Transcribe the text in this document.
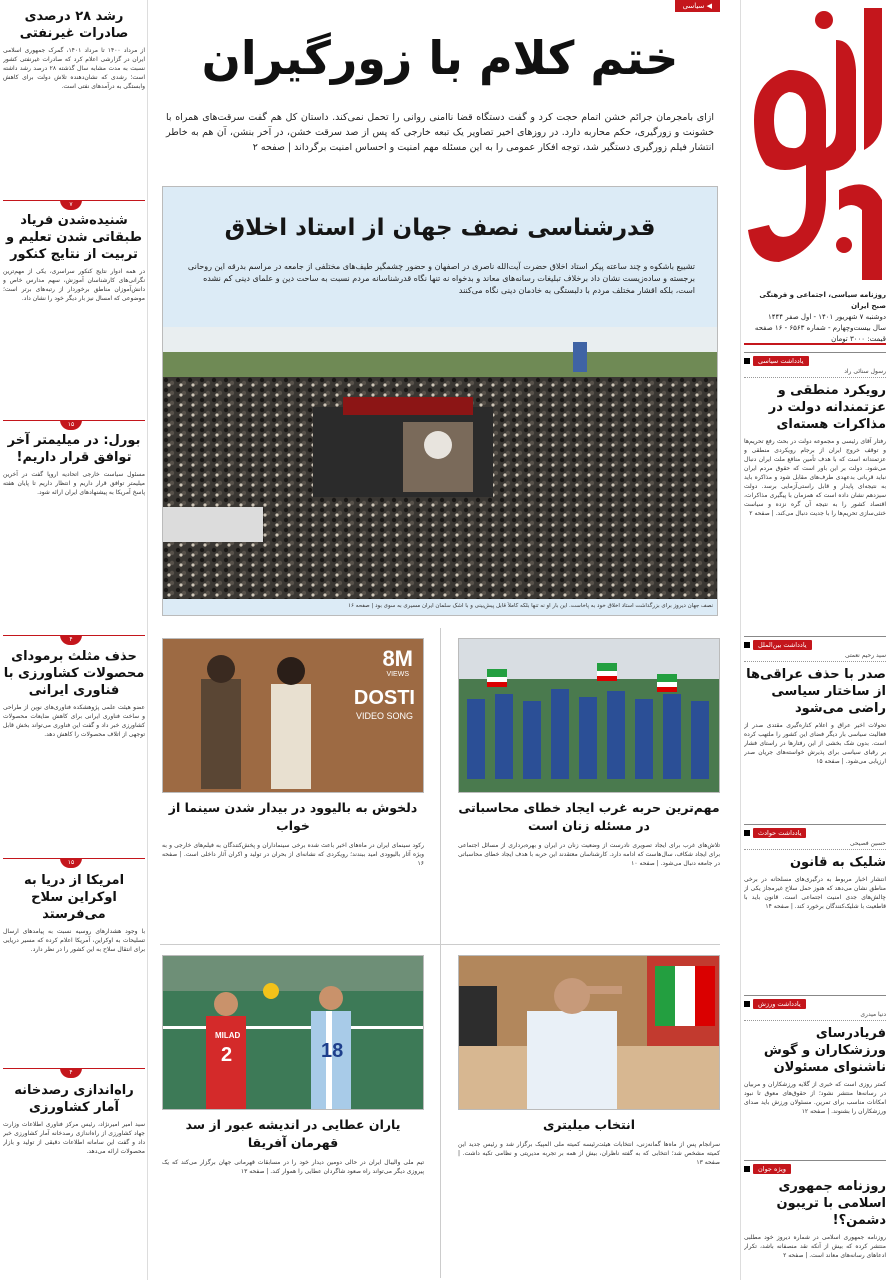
روزنامه سیاسی، اجتماعی و فرهنگی صبح ایران
دوشنبه ۷ شهریور ۱۴۰۱ - اول صفر ۱۴۴۴
سال بیست‌وچهارم - شماره ۶۵۶۳ - ۱۶ صفحه
قیمت: ۳۰۰۰ تومان
یادداشت سیاسی
رسول سنائی راد
رویکرد منطقی و عزتمندانه دولت در مذاکرات هسته‌ای
رفتار آقای رئیسی و مجموعه دولت در بحث رفع تحریم‌ها و توقف خروج ایران از برجام رویکردی منطقی و عزتمندانه است که با هدف تأمین منافع ملت ایران دنبال می‌شود. دولت بر این باور است که حقوق مردم ایران نباید قربانی بدعهدی طرف‌های مقابل شود و مذاکره باید به نتیجه‌ای پایدار و قابل راستی‌آزمایی برسد. دولت سیزدهم نشان داده است که همزمان با پیگیری مذاکرات، اقتصاد کشور را به نتیجه آن گره نزده و سیاست خنثی‌سازی تحریم‌ها را با جدیت دنبال می‌کند. | صفحه ۲
یادداشت بین‌الملل
سید رحیم نعمتی
صدر با حذف عراقی‌ها از ساختار سیاسی راضی می‌شود
تحولات اخیر عراق و اعلام کناره‌گیری مقتدی صدر از فعالیت سیاسی بار دیگر فضای این کشور را ملتهب کرده است. بدون شک بخشی از این رفتارها در راستای فشار بر رقبای سیاسی برای پذیرش خواسته‌های جریان صدر ارزیابی می‌شود. | صفحه ۱۵
یادداشت حوادث
حسین فصیحی
شلیک به قانون
انتشار اخبار مربوط به درگیری‌های مسلحانه در برخی مناطق نشان می‌دهد که هنوز حمل سلاح غیرمجاز یکی از چالش‌های جدی امنیت اجتماعی است. قانون باید با قاطعیت با شلیک‌کنندگان برخورد کند. | صفحه ۱۴
یادداشت ورزش
دنیا میدری
فریادرسای ورزشکاران و گوش ناشنوای مسئولان
کمتر روزی است که خبری از گلایه ورزشکاران و مربیان در رسانه‌ها منتشر نشود؛ از حقوق‌های معوق تا نبود امکانات مناسب برای تمرین. مسئولان ورزش باید صدای ورزشکاران را بشنوند. | صفحه ۱۲
ویژه جوان
روزنامه جمهوری اسلامی با تریبون دشمن؟!
روزنامه جمهوری اسلامی در شماره دیروز خود مطلبی منتشر کرده که بیش از آنکه نقد منصفانه باشد، تکرار ادعاهای رسانه‌های معاند است. | صفحه ۲
رشد ۲۸ درصدی صادرات غیرنفتی
از مرداد ۱۴۰۰ تا مرداد ۱۴۰۱، گمرک جمهوری اسلامی ایران در گزارشی اعلام کرد که صادرات غیرنفتی کشور نسبت به مدت مشابه سال گذشته ۲۸ درصد رشد داشته است؛ رشدی که نشان‌دهنده تلاش دولت برای کاهش وابستگی به درآمدهای نفتی است.
۷
شنیده‌شدن فریاد طبقاتی شدن تعلیم و تربیت از نتایج کنکور
در همه ادوار نتایج کنکور سراسری، یکی از مهم‌ترین نگرانی‌های کارشناسان آموزش، سهم مدارس خاص و دانش‌آموزان مناطق برخوردار از رتبه‌های برتر است؛ موضوعی که امسال نیز بار دیگر خود را نشان داد.
۱۵
بورل: در میلیمتر آخر توافق قرار داریم!
مسئول سیاست خارجی اتحادیه اروپا گفت در آخرین میلیمتر توافق قرار داریم و انتظار داریم تا پایان هفته پاسخ آمریکا به پیشنهادهای ایران ارائه شود.
۴
حذف مثلث برموداى محصولات کشاورزی با فناوری ایرانی
عضو هیئت علمی پژوهشکده فناوری‌های نوین از طراحی و ساخت فناوری ایرانی برای کاهش ضایعات محصولات کشاورزی خبر داد و گفت این فناوری می‌تواند بخش قابل توجهی از اتلاف محصولات را کاهش دهد.
۱۵
امریکا از دریا به اوکراین سلاح می‌فرستد
با وجود هشدارهای روسیه نسبت به پیامدهای ارسال تسلیحات به اوکراین، آمریکا اعلام کرده که مسیر دریایی برای انتقال سلاح به این کشور را در نظر دارد.
۴
راه‌اندازی رصدخانه آمار کشاورزی
سید امیر امیرنژاد، رئیس مرکز فناوری اطلاعات وزارت جهاد کشاورزی از راه‌اندازی رصدخانه آمار کشاورزی خبر داد و گفت این سامانه اطلاعات دقیقی از تولید و بازار محصولات ارائه می‌دهد.
◀ سیاسی
ختم کلام با زورگیران
ازای بامجرمان جرائم خشن اتمام حجت کرد و گفت دستگاه قضا ناامنی روانی را تحمل نمی‌کند. داستان کل هم گفت سرقت‌های همراه با خشونت و زورگیری، حکم محاربه دارد. در روزهای اخیر تصاویر یک تبعه خارجی که پس از صد سرقت خشن، در آخر بنشن، آن هم به خاطر انتشار فیلم زورگیری دستگیر شد، توجه افکار عمومی را به این مسئله مهم امنیت و احساس امنیت برگرداند | صفحه ۲
قدرشناسی نصف جهان از استاد اخلاق
تشییع باشکوه و چند ساعته پیکر استاد اخلاق حضرت آیت‌الله ناصری در اصفهان و حضور چشمگیر طیف‌های مختلفی از جامعه در مراسم بدرقه این روحانی برجسته و ساده‌زیست نشان داد برخلاف تبلیغات رسانه‌های معاند و بدخواه نه تنها نگاه قدرشناسانه مردم نسبت به ساحت دین و علمای دینی کم نشده است، بلکه اقشار مختلف مردم با دلبستگی به خادمان دینی نگاه می‌کنند
نصف جهان دیروز برای بزرگداشت استاد اخلاق خود به پاخاست. این بار او نه تنها بلکه کاملاً قابل پیش‌بینی و با اشک سلمان ایران مسیری به سوی بود | صفحه ۱۶
مهم‌ترین حربه غرب ایجاد خطای محاسباتی در مسئله زنان است
تلاش‌های غرب برای ایجاد تصویری نادرست از وضعیت زنان در ایران و بهره‌برداری از مسائل اجتماعی برای ایجاد شکاف، سال‌هاست که ادامه دارد. کارشناسان معتقدند این حربه با هدف ایجاد خطای محاسباتی در جامعه دنبال می‌شود. | صفحه ۱۰
8M
VIEWS
DOSTI
VIDEO SONG
دلخوش به بالیوود در بیدار شدن سینما از خواب
رکود سینمای ایران در ماه‌های اخیر باعث شده برخی سینماداران و پخش‌کنندگان به فیلم‌های خارجی و به ویژه آثار بالیوودی امید ببندند؛ رویکردی که نشانه‌ای از بحران در تولید و اکران آثار داخلی است. | صفحه ۱۶
انتخاب میلیتری
سرانجام پس از ماه‌ها گمانه‌زنی، انتخابات هیئت‌رئیسه کمیته ملی المپیک برگزار شد و رئیس جدید این کمیته مشخص شد؛ انتخابی که به گفته ناظران، بیش از همه بر تجربه مدیریتی و نظامی تکیه داشت. | صفحه ۱۳
MILAD
2	18
یاران عطایی در اندیشه عبور از سد قهرمان آفریقا
تیم ملی والیبال ایران در حالی دومین دیدار خود را در مسابقات قهرمانی جهان برگزار می‌کند که یک پیروزی دیگر می‌تواند راه صعود شاگردان عطایی را هموار کند. | صفحه ۱۳
